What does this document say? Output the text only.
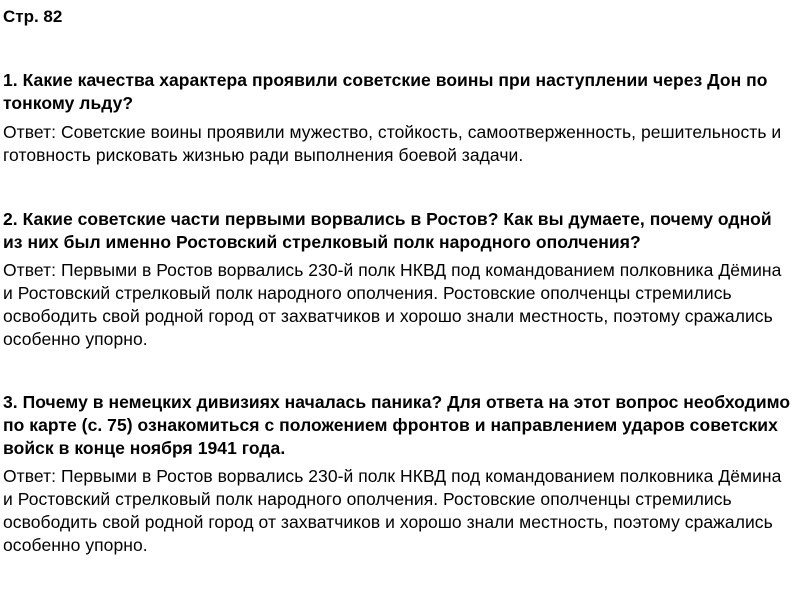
Стр. 82

1. Какие качества характера проявили советские воины при наступлении через Дон по тонкому льду?

Ответ: Советские воины проявили мужество, стойкость, самоотверженность, решительность и готовность рисковать жизнью ради выполнения боевой задачи.

2. Какие советские части первыми ворвались в Ростов? Как вы думаете, почему одной из них был именно Ростовский стрелковый полк народного ополчения?

Ответ: Первыми в Ростов ворвались 230-й полк НКВД под командованием полковника Дёмина и Ростовский стрелковый полк народного ополчения. Ростовские ополченцы стремились освободить свой родной город от захватчиков и хорошо знали местность, поэтому сражались особенно упорно.

3. Почему в немецких дивизиях началась паника? Для ответа на этот вопрос необходимо по карте (с. 75) ознакомиться с положением фронтов и направлением ударов советских войск в конце ноября 1941 года.

Ответ: Первыми в Ростов ворвались 230-й полк НКВД под командованием полковника Дёмина и Ростовский стрелковый полк народного ополчения. Ростовские ополченцы стремились освободить свой родной город от захватчиков и хорошо знали местность, поэтому сражались особенно упорно.
